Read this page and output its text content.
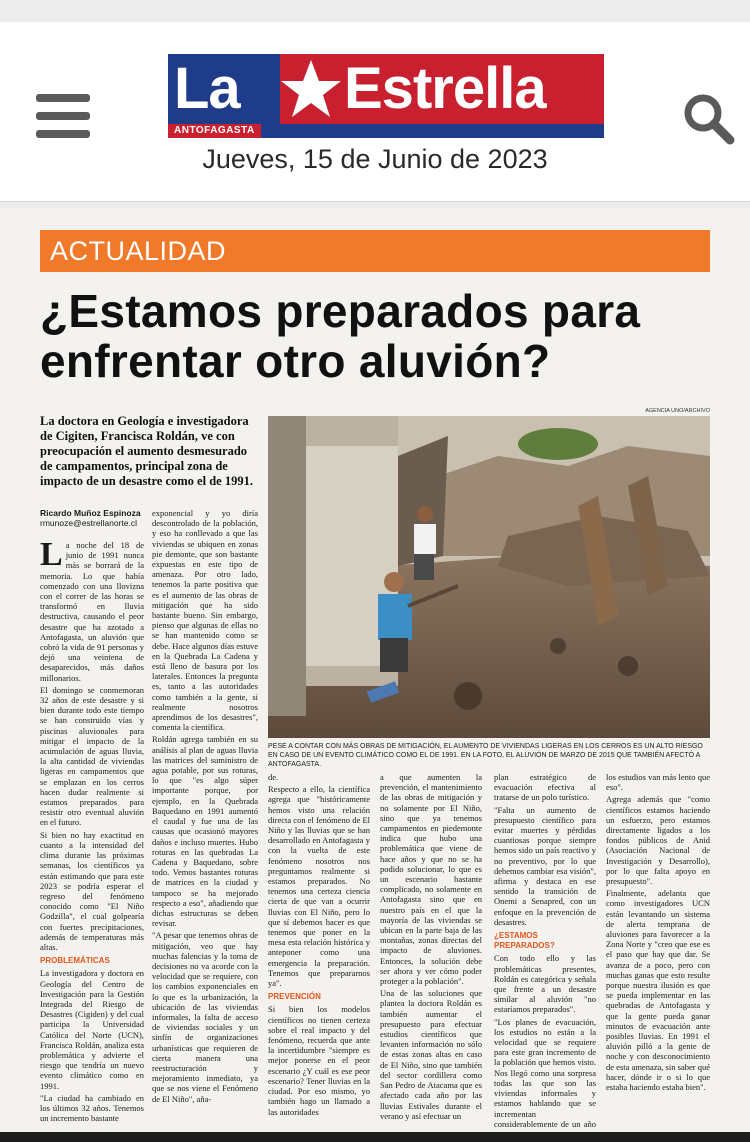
La Estrella
ANTOFAGASTA
Jueves, 15 de Junio de 2023
ACTUALIDAD
¿Estamos preparados para enfrentar otro aluvión?
La doctora en Geología e investigadora de Cigiten, Francisca Roldán, ve con preocupación el aumento desmesurado de campamentos, principal zona de impacto de un desastre como el de 1991.
Ricardo Muñoz Espinoza
rmunoze@estrellanorte.cl
AGENCIA UNO/ARCHIVO
PESE A CONTAR CON MÁS OBRAS DE MITIGACIÓN, EL AUMENTO DE VIVIENDAS LIGERAS EN LOS CERROS ES UN ALTO RIESGO EN CASO DE UN EVENTO CLIMÁTICO COMO EL DE 1991. EN LA FOTO, EL ALUVIÓN DE MARZO DE 2015 QUE TAMBIÉN AFECTÓ A ANTOFAGASTA.

La noche del 18 de junio de 1991 nunca más se borrará de la memoria. Lo que había comenzado con una llovizna con el correr de las horas se transformó en lluvia destructiva, causando el peor desastre que ha azotado a Antofagasta, un aluvión que cobró la vida de 91 personas y dejó una veintena de desaparecidos, más daños millonarios.

El domingo se conmemoran 32 años de este desastre y si bien durante todo este tiempo se han construido vías y piscinas aluvionales para mitigar el impacto de la acumulación de aguas lluvia, la alta cantidad de viviendas ligeras en campamentos que se emplazan en los cerros hacen dudar realmente si estamos preparados para resistir otro eventual aluvión en el futuro.

Si bien no hay exactitud en cuanto a la intensidad del clima durante las próximas semanas, los científicos ya están estimando que para este 2023 se podría esperar el regreso del fenómeno conocido como "El Niño Godzilla", el cual golpearía con fuertes precipitaciones, además de temperaturas más altas.

PROBLEMÁTICAS

La investigadora y doctora en Geología del Centro de Investigación para la Gestión Integrada del Riesgo de Desastres (Cigiden) y del cual participa la Universidad Católica del Norte (UCN), Francisca Roldán, analiza esta problemática y advierte el riesgo que tendría un nuevo evento climático como en 1991.

"La ciudad ha cambiado en los últimos 32 años. Tenemos un incremento bastante

exponencial y yo diría descontrolado de la población, y eso ha conllevado a que las viviendas se ubiquen en zonas pie demonte, que son bastante expuestas en este tipo de amenaza. Por otro lado, tenemos la parte positiva que es el aumento de las obras de mitigación que ha sido bastante bueno. Sin embargo, pienso que algunas de ellas no se han mantenido como se debe. Hace algunos días estuve en la Quebrada La Cadena y está lleno de basura por los laterales. Entonces la pregunta es, tanto a las autoridades como también a la gente, si realmente nosotros aprendimos de los desastres", comenta la científica.

Roldán agrega también en su análisis al plan de aguas lluvia las matrices del suministro de agua potable, por sus roturas, lo que "es algo súper importante porque, por ejemplo, en la Quebrada Baquedano en 1991 aumentó el caudal y fue una de las causas que ocasionó mayores daños e incluso muertes. Hubo roturas en las quebradas La Cadena y Baquedano, sobre todo. Vemos bastantes roturas de matrices en la ciudad y tampoco se ha mejorado respecto a eso", añadiendo que dichas estructuras se deben revisar.

"A pesar que tenemos obras de mitigación, veo que hay muchas falencias y la toma de decisiones no va acorde con la velocidad que se requiere, con los cambios exponenciales en lo que es la urbanización, la ubicación de las viviendas informales, la falta de acceso de viviendas sociales y un sinfín de organizaciones urbanísticas que requieren de cierta manera una reestructuración y mejoramiento inmediato, ya que se nos viene el Fenómeno de El Niño", aña-

de.

Respecto a ello, la científica agrega que "históricamente hemos visto una relación directa con el fenómeno de El Niño y las lluvias que se han desarrollado en Antofagasta y con la vuelta de este fenómeno nosotros nos preguntamos realmente si estamos preparados. No tenemos una certeza ciencia cierta de que van a ocurrir lluvias con El Niño, pero lo que sí debemos hacer es que tenemos que poner en la mesa esta relación histórica y anteponer como una emergencia la preparación. Tenemos que prepararnos ya".

PREVENCIÓN

Si bien los modelos científicos no tienen certeza sobre el real impacto y del fenómeno, recuerda que ante la incertidumbre "siempre es mejor ponerse en el peor escenario ¿Y cuál es ese peor escenario? Tener lluvias en la ciudad. Por eso mismo, yo también hago un llamado a las autoridades

a que aumenten la prevención, el mantenimiento de las obras de mitigación y no solamente por El Niño, sino que ya tenemos campamentos en piedemonte indica que hubo una problemática que viene de hace años y que no se ha podido solucionar, lo que es un escenario bastante complicado, no solamente en Antofagasta sino que en nuestro país en el que la mayoría de las viviendas se ubican en la parte baja de las montañas, zonas directas del impacto de aluviones. Entonces, la solución debe ser ahora y ver cómo poder proteger a la población".

Una de las soluciones que plantea la doctora Roldán es también aumentar el presupuesto para efectuar estudios científicos que levanten información no sólo de estas zonas altas en caso de El Niño, sino que también del sector cordillera como San Pedro de Atacama que es afectado cada año por las lluvias Estivales durante el verano y así efectuar un

plan estratégico de evacuación efectiva al tratarse de un polo turístico.

"Falta un aumento de presupuesto científico para evitar muertes y pérdidas cuantiosas porque siempre hemos sido un país reactivo y no preventivo, por lo que debemos cambiar esa visión", afirma y destaca en ese sentido la transición de Onemi a Senapred, con un enfoque en la prevención de desastres.

¿ESTAMOS PREPARADOS?

Con todo ello y las problemáticas presentes, Roldán es categórica y señala que frente a un desastre similar al aluvión "no estaríamos preparados".

"Los planes de evacuación, los estudios no están a la velocidad que se requiere para este gran incremento de la población que hemos visto. Nos llegó como una sorpresa todas las que son las viviendas informales y estamos hablando que se incrementan considerablemente de un año

los estudios van más lento que eso".

Agrega además que "como científicos estamos haciendo un esfuerzo, pero estamos directamente ligados a los fondos públicos de Anid (Asociación Nacional de Investigación y Desarrollo), por lo que falta apoyo en presupuesto".

Finalmente, adelanta que como investigadores UCN están levantando un sistema de alerta temprana de aluviones para favorecer a la Zona Norte y "creo que ese es el paso que hay que dar. Se avanza de a poco, pero con muchas ganas que esto resulte porque nuestra ilusión es que se pueda implementar en las quebradas de Antofagasta y que la gente pueda ganar minutos de evacuación ante posibles lluvias. En 1991 el aluvión pilló a la gente de noche y con desconocimiento de esta amenaza, sin saber qué hacer, dónde ir o si lo que estaba haciendo estaba bien".
